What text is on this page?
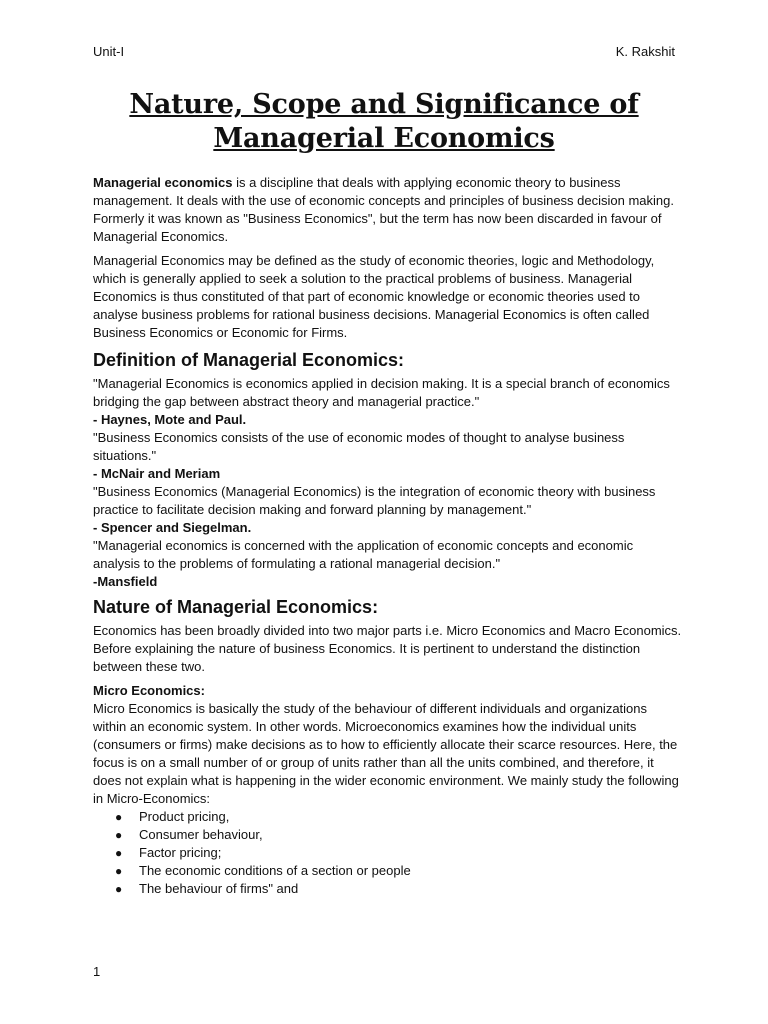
Unit-I	K. Rakshit
Nature, Scope and Significance of Managerial Economics

Managerial economics is a discipline that deals with applying economic theory to business management. It deals with the use of economic concepts and principles of business decision making. Formerly it was known as "Business Economics", but the term has now been discarded in favour of Managerial Economics.

Managerial Economics may be defined as the study of economic theories, logic and Methodology, which is generally applied to seek a solution to the practical problems of business. Managerial Economics is thus constituted of that part of economic knowledge or economic theories used to analyse business problems for rational business decisions. Managerial Economics is often called Business Economics or Economic for Firms.

Definition of Managerial Economics:
"Managerial Economics is economics applied in decision making. It is a special branch of economics bridging the gap between abstract theory and managerial practice."
- Haynes, Mote and Paul.
"Business Economics consists of the use of economic modes of thought to analyse business situations."
- McNair and Meriam
"Business Economics (Managerial Economics) is the integration of economic theory with business practice to facilitate decision making and forward planning by management."
- Spencer and Siegelman.
"Managerial economics is concerned with the application of economic concepts and economic analysis to the problems of formulating a rational managerial decision."
-Mansfield
Nature of Managerial Economics:

Economics has been broadly divided into two major parts i.e. Micro Economics and Macro Economics. Before explaining the nature of business Economics. It is pertinent to understand the distinction between these two.

Micro Economics:
Micro Economics is basically the study of the behaviour of different individuals and organizations within an economic system. In other words. Microeconomics examines how the individual units (consumers or firms) make decisions as to how to efficiently allocate their scarce resources. Here, the focus is on a small number of or group of units rather than all the units combined, and therefore, it does not explain what is happening in the wider economic environment. We mainly study the following in Micro-Economics:
● Product pricing,
● Consumer behaviour,
● Factor pricing;
● The economic conditions of a section or people
● The behaviour of firms" and
1
